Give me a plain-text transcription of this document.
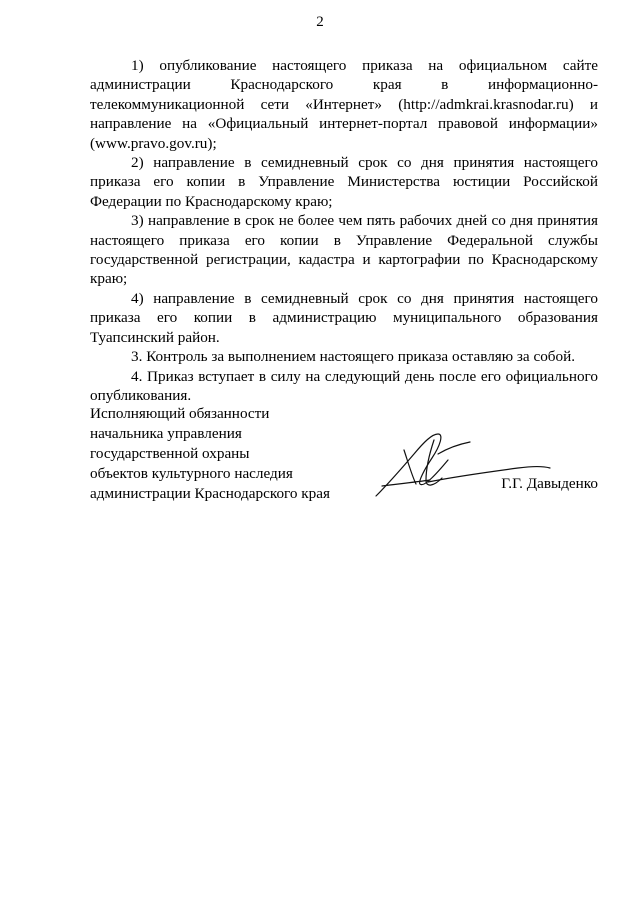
2

1) опубликование настоящего приказа на официальном сайте администрации Краснодарского края в информационно-телекоммуникационной сети «Интернет» (http://admkrai.krasnodar.ru) и направление на «Официальный интернет-портал правовой информации» (www.pravo.gov.ru);

2) направление в семидневный срок со дня принятия настоящего приказа его копии в Управление Министерства юстиции Российской Федерации по Краснодарскому краю;

3) направление в срок не более чем пять рабочих дней со дня принятия настоящего приказа его копии в Управление Федеральной службы государственной регистрации, кадастра и картографии по Краснодарскому краю;

4) направление в семидневный срок со дня принятия настоящего приказа его копии в администрацию муниципального образования Туапсинский район.

3. Контроль за выполнением настоящего приказа оставляю за собой.

4. Приказ вступает в силу на следующий день после его официального опубликования.

Исполняющий обязанности
начальника управления
государственной охраны
объектов культурного наследия
администрации Краснодарского края
Г.Г. Давыденко
